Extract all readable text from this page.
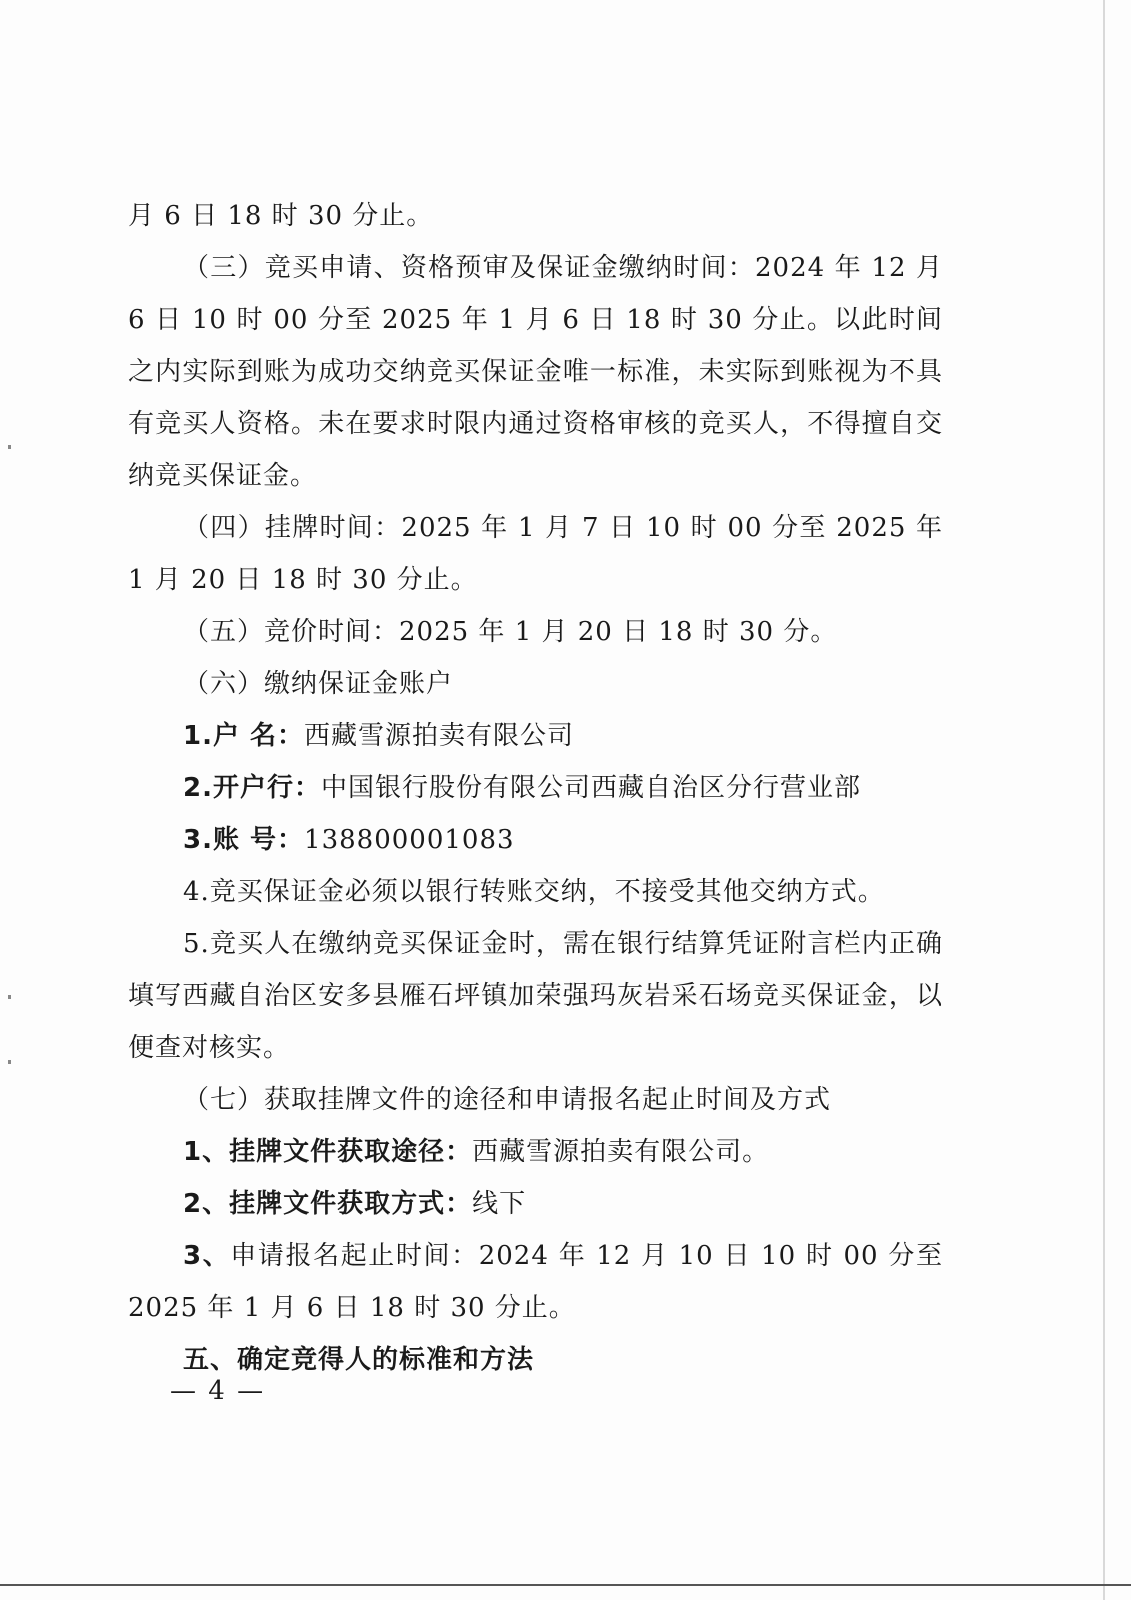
月 6 日 18 时 30 分止。
（三）竞买申请、资格预审及保证金缴纳时间：2024 年 12 月 6 日 10 时 00 分至 2025 年 1 月 6 日 18 时 30 分止。以此时间之内实际到账为成功交纳竞买保证金唯一标准，未实际到账视为不具有竞买人资格。未在要求时限内通过资格审核的竞买人，不得擅自交纳竞买保证金。
（四）挂牌时间：2025 年 1 月 7 日 10 时 00 分至 2025 年 1 月 20 日 18 时 30 分止。
（五）竞价时间：2025 年 1 月 20 日 18 时 30 分。
（六）缴纳保证金账户
1.户 名：西藏雪源拍卖有限公司
2.开户行：中国银行股份有限公司西藏自治区分行营业部
3.账 号：138800001083
4.竞买保证金必须以银行转账交纳，不接受其他交纳方式。
5.竞买人在缴纳竞买保证金时，需在银行结算凭证附言栏内正确填写西藏自治区安多县雁石坪镇加荣强玛灰岩采石场竞买保证金，以便查对核实。
（七）获取挂牌文件的途径和申请报名起止时间及方式
1、挂牌文件获取途径：西藏雪源拍卖有限公司。
2、挂牌文件获取方式：线下
3、申请报名起止时间：2024 年 12 月 10 日 10 时 00 分至 2025 年 1 月 6 日 18 时 30 分止。
五、确定竞得人的标准和方法
— 4 —
